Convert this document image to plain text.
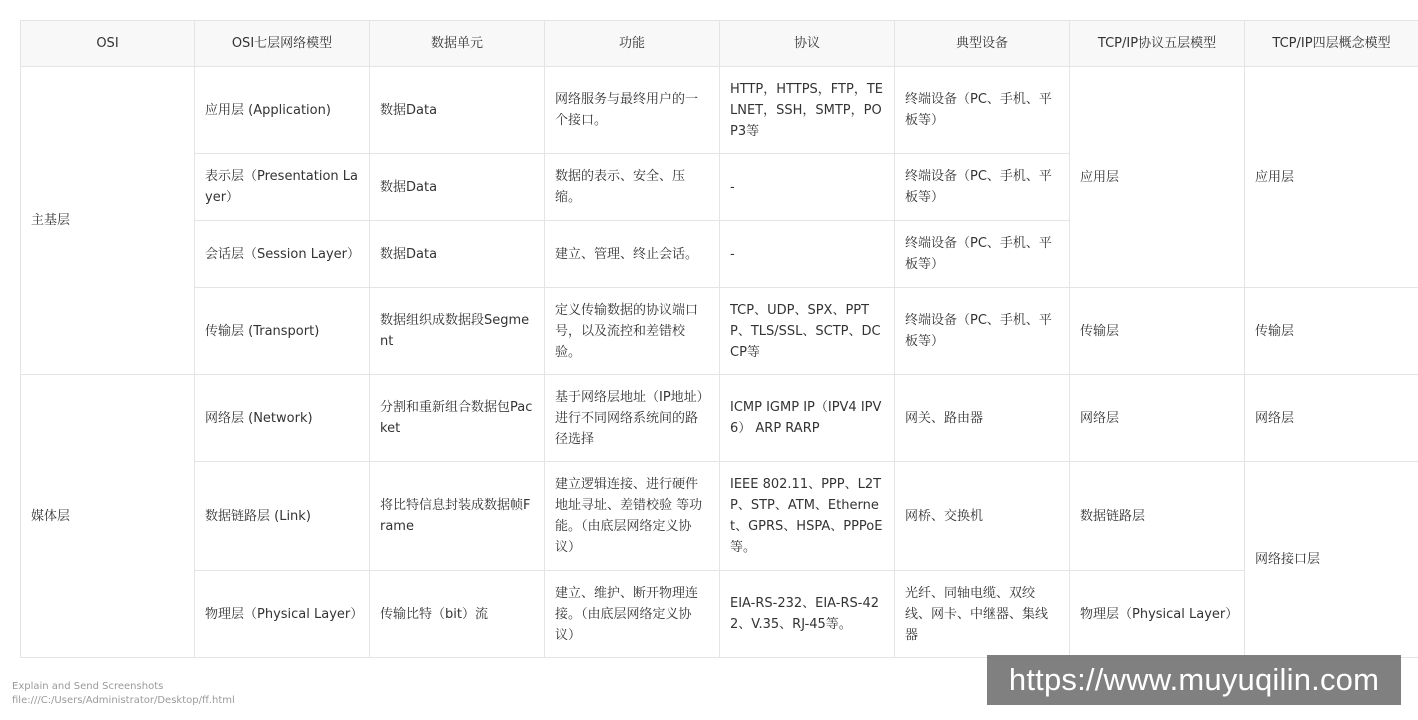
OSI	OSI七层网络模型	数据单元	功能	协议	典型设备	TCP/IP协议五层模型	TCP/IP四层概念模型
主基层	应用层 (Application)	数据Data	网络服务与最终用户的一个接口。	HTTP，HTTPS，FTP，TELNET，SSH，SMTP，POP3等	终端设备（PC、手机、平板等）	应用层	应用层
	表示层（Presentation Layer）	数据Data	数据的表示、安全、压缩。	-	终端设备（PC、手机、平板等）		
	会话层（Session Layer）	数据Data	建立、管理、终止会话。	-	终端设备（PC、手机、平板等）		
	传输层 (Transport)	数据组织成数据段Segment	定义传输数据的协议端口号，以及流控和差错校验。	TCP、UDP、SPX、PPTP、TLS/SSL、SCTP、DCCP等	终端设备（PC、手机、平板等）	传输层	传输层
媒体层	网络层 (Network)	分割和重新组合数据包Packet	基于网络层地址（IP地址）进行不同网络系统间的路径选择	ICMP IGMP IP（IPV4 IPV6） ARP RARP	网关、路由器	网络层	网络层
	数据链路层 (Link)	将比特信息封装成数据帧Frame	建立逻辑连接、进行硬件地址寻址、差错校验 等功能。（由底层网络定义协议）	IEEE 802.11、PPP、L2TP、STP、ATM、Ethernet、GPRS、HSPA、PPPoE等。	网桥、交换机	数据链路层	网络接口层
	物理层（Physical Layer）	传输比特（bit）流	建立、维护、断开物理连接。（由底层网络定义协议）	EIA-RS-232、EIA-RS-422、V.35、RJ-45等。	光纤、同轴电缆、双绞线、网卡、中继器、集线器	物理层（Physical Layer）	
Explain and Send Screenshots
file:///C:/Users/Administrator/Desktop/ff.html
https://www.muyuqilin.com
